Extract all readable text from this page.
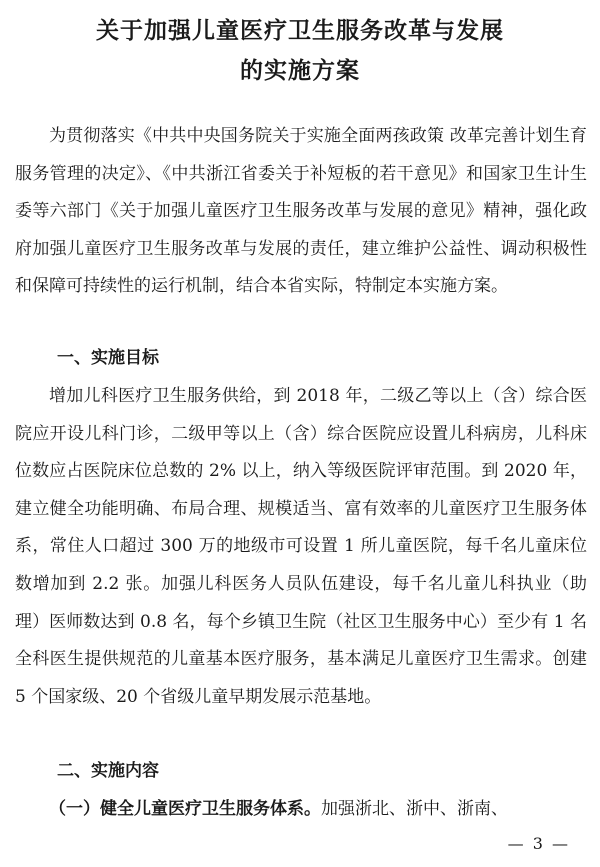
关于加强儿童医疗卫生服务改革与发展
的实施方案
为贯彻落实《中共中央国务院关于实施全面两孩政策 改革完善计划生育服务管理的决定》、《中共浙江省委关于补短板的若干意见》和国家卫生计生委等六部门《关于加强儿童医疗卫生服务改革与发展的意见》精神，强化政府加强儿童医疗卫生服务改革与发展的责任，建立维护公益性、调动积极性和保障可持续性的运行机制，结合本省实际，特制定本实施方案。
一、实施目标
增加儿科医疗卫生服务供给，到 2018 年，二级乙等以上（含）综合医院应开设儿科门诊，二级甲等以上（含）综合医院应设置儿科病房，儿科床位数应占医院床位总数的 2% 以上，纳入等级医院评审范围。到 2020 年，建立健全功能明确、布局合理、规模适当、富有效率的儿童医疗卫生服务体系，常住人口超过 300 万的地级市可设置 1 所儿童医院，每千名儿童床位数增加到 2.2 张。加强儿科医务人员队伍建设，每千名儿童儿科执业（助理）医师数达到 0.8 名，每个乡镇卫生院（社区卫生服务中心）至少有 1 名全科医生提供规范的儿童基本医疗服务，基本满足儿童医疗卫生需求。创建 5 个国家级、20 个省级儿童早期发展示范基地。
二、实施内容
（一）健全儿童医疗卫生服务体系。加强浙北、浙中、浙南、
— 3 —
